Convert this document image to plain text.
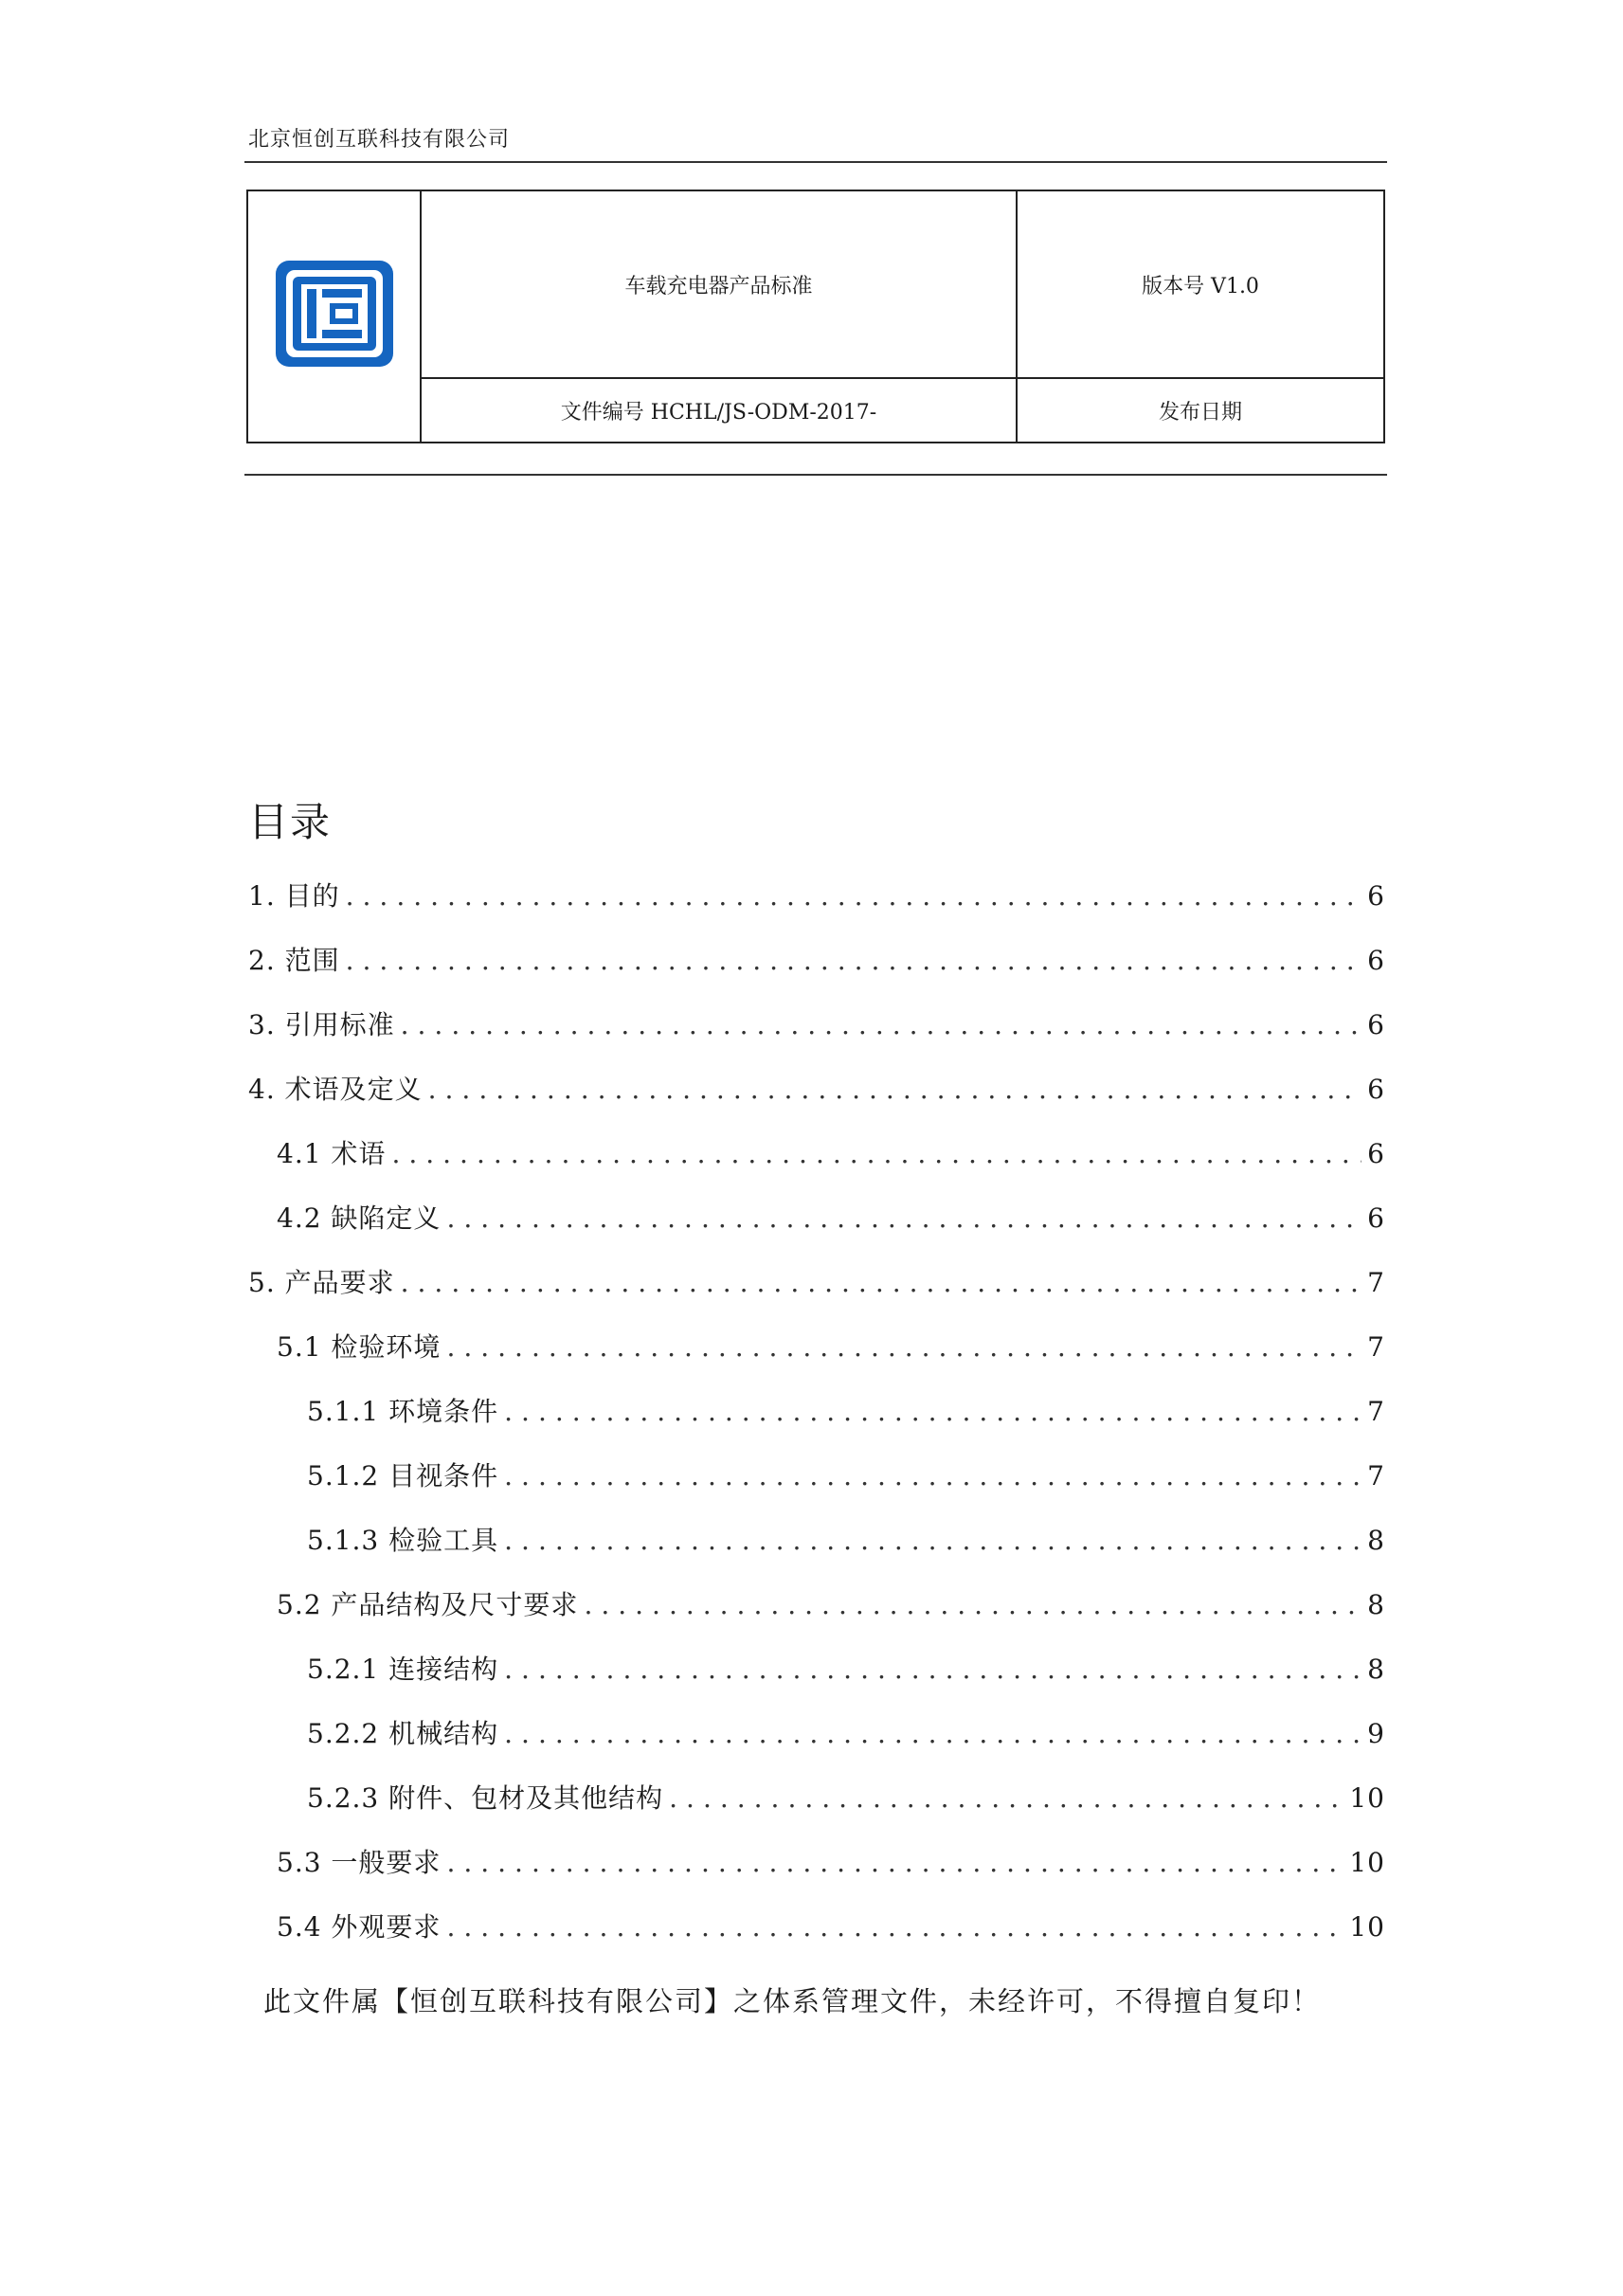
北京恒创互联科技有限公司
	车载充电器产品标准	版本号 V1.0
	文件编号 HCHL/JS-ODM-2017-	发布日期
目录
1. 目的 .....	6
2. 范围 .....	6
3. 引用标准 .....	6
4. 术语及定义 .....	6
4.1 术语 .....	6
4.2 缺陷定义 .....	6
5. 产品要求 .....	7
5.1 检验环境 .....	7
5.1.1 环境条件 .....	7
5.1.2 目视条件 .....	7
5.1.3 检验工具 .....	8
5.2 产品结构及尺寸要求 .....	8
5.2.1 连接结构 .....	8
5.2.2 机械结构 .....	9
5.2.3 附件、包材及其他结构 .....	10
5.3 一般要求 .....	10
5.4 外观要求 .....	10
此文件属【恒创互联科技有限公司】之体系管理文件，未经许可，不得擅自复印！
